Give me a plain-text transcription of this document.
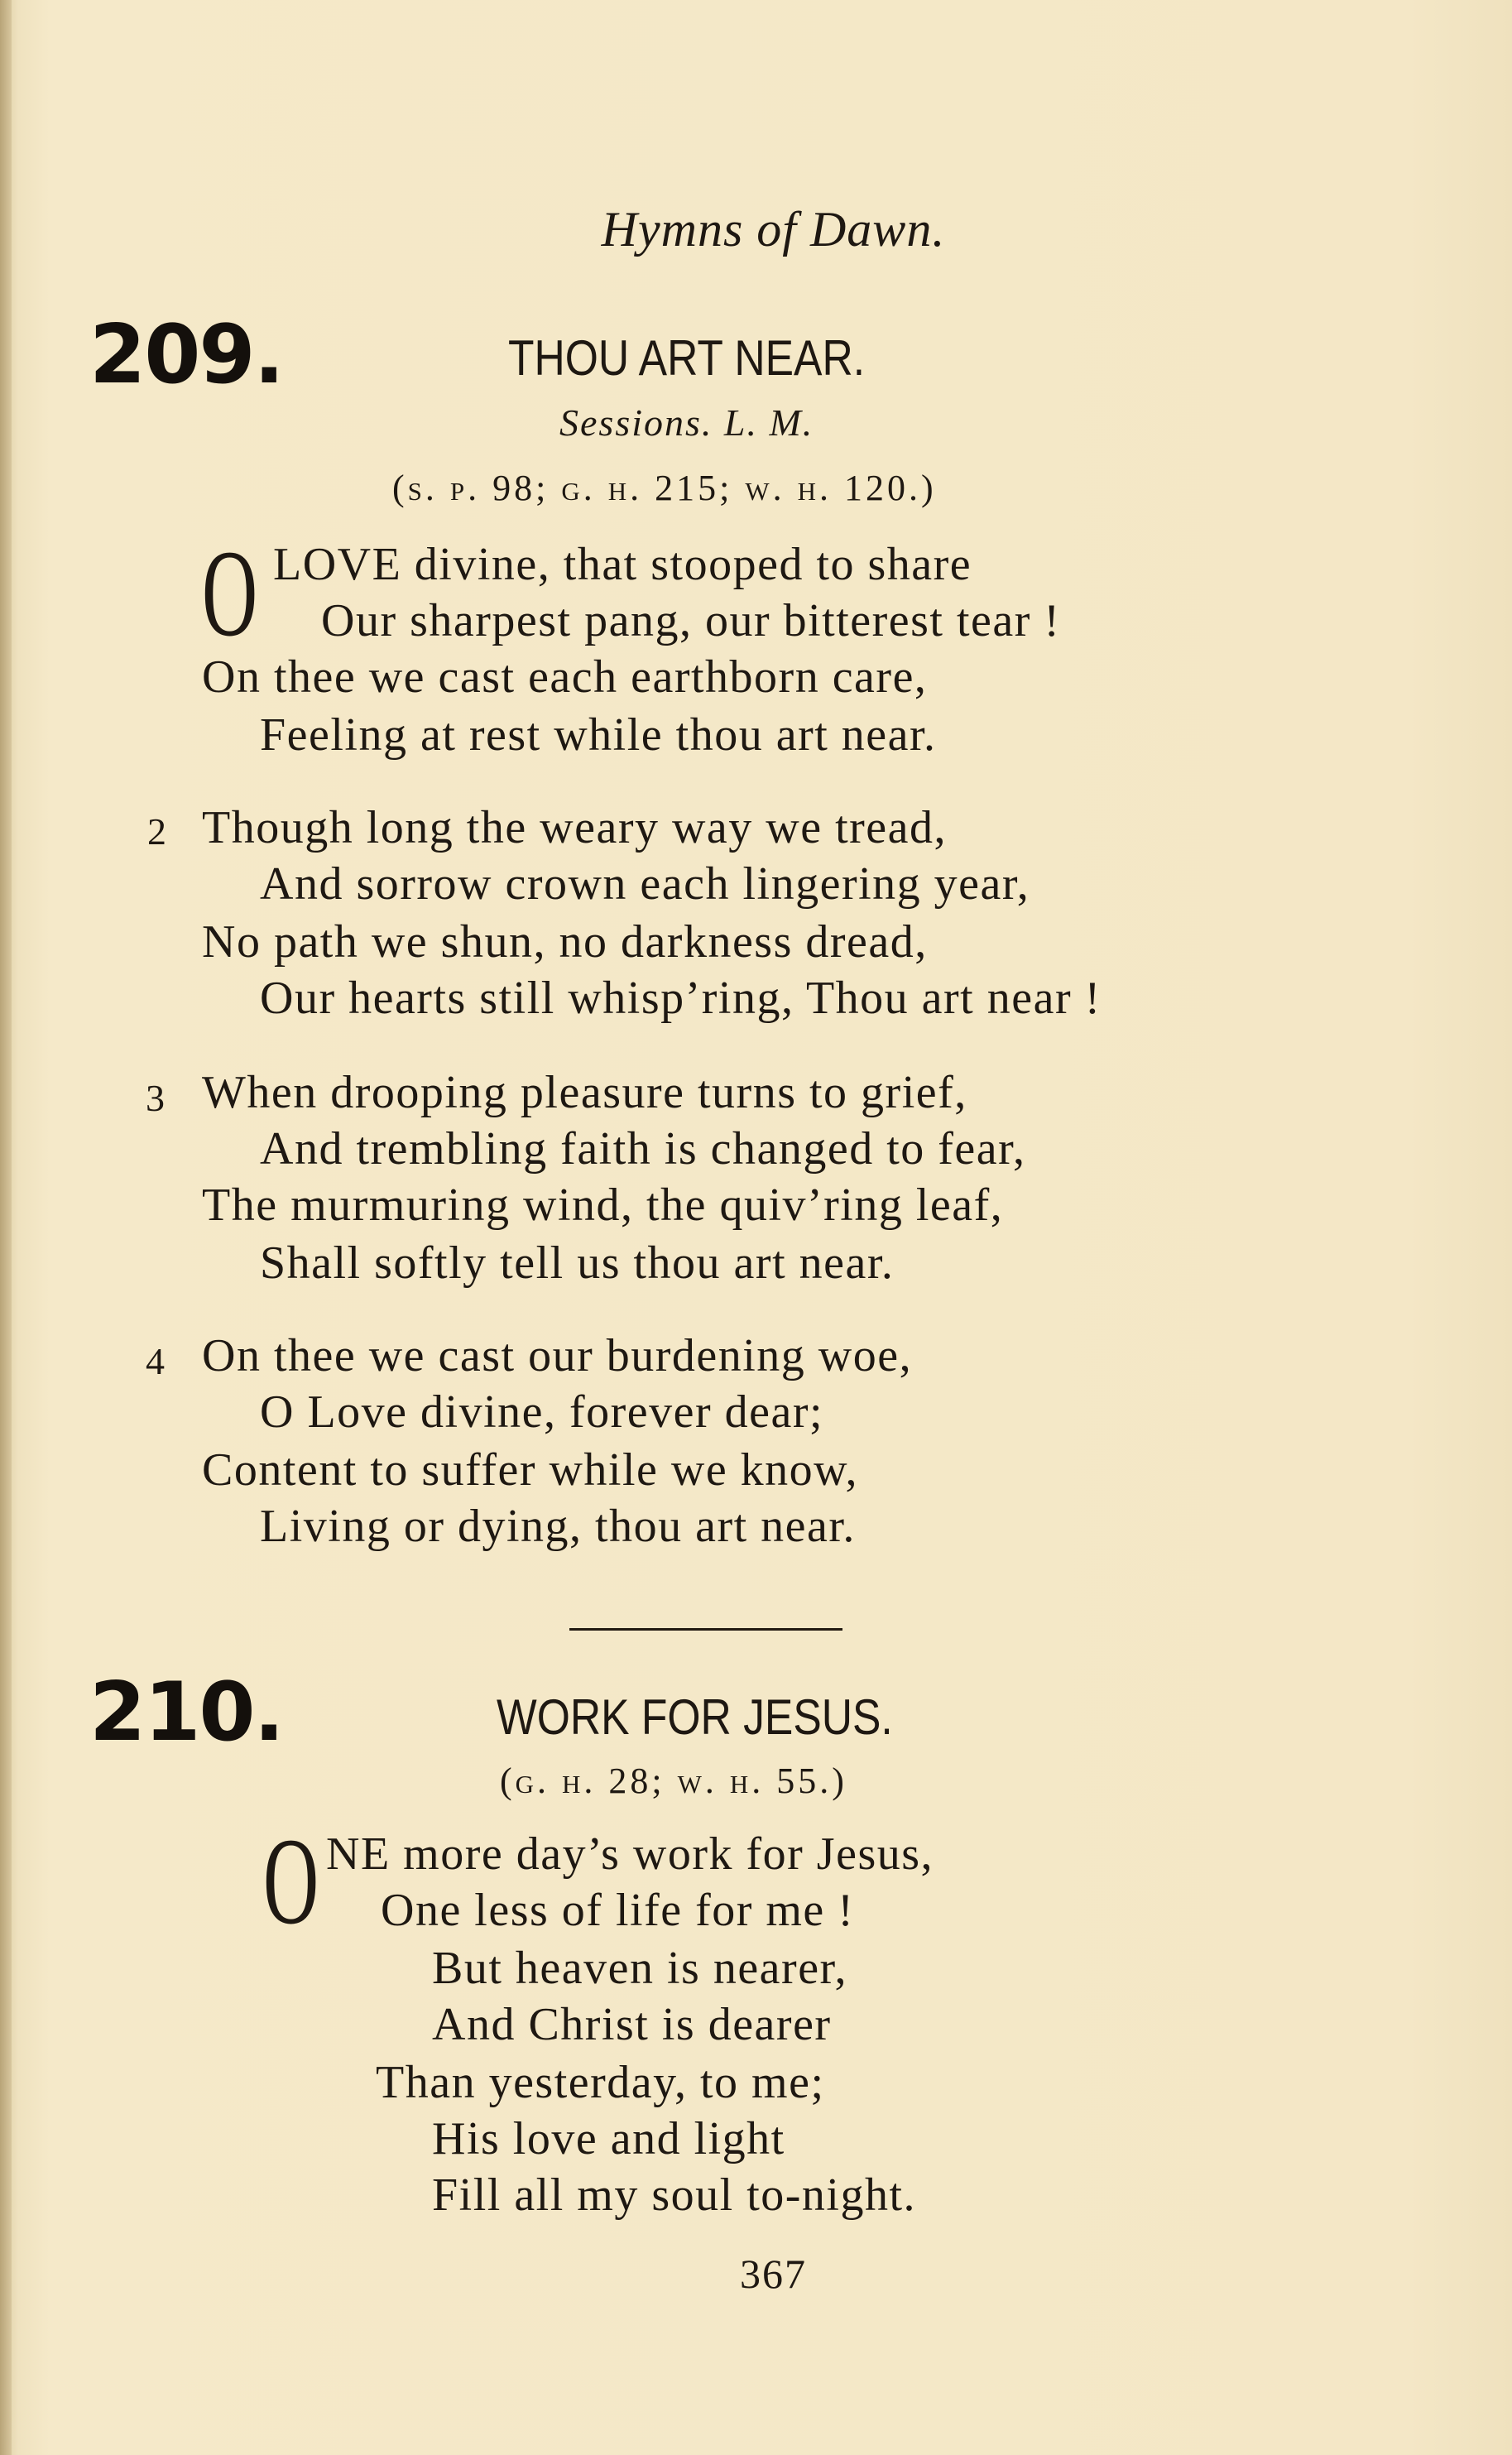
Hymns of Dawn.
209.	THOU ART NEAR.
Sessions. L. M.
(s. p. 98; g. h. 215; w. h. 120.)
O LOVE divine, that stooped to share
Our sharpest pang, our bitterest tear !
On thee we cast each earthborn care,
Feeling at rest while thou art near.
2 Though long the weary way we tread,
And sorrow crown each lingering year,
No path we shun, no darkness dread,
Our hearts still whisp’ring, Thou art near !
3 When drooping pleasure turns to grief,
And trembling faith is changed to fear,
The murmuring wind, the quiv’ring leaf,
Shall softly tell us thou art near.
4 On thee we cast our burdening woe,
O Love divine, forever dear;
Content to suffer while we know,
Living or dying, thou art near.
210.	WORK FOR JESUS.
(g. h. 28; w. h. 55.)
O NE more day’s work for Jesus,
One less of life for me !
But heaven is nearer,
And Christ is dearer
Than yesterday, to me;
His love and light
Fill all my soul to-night.
367
